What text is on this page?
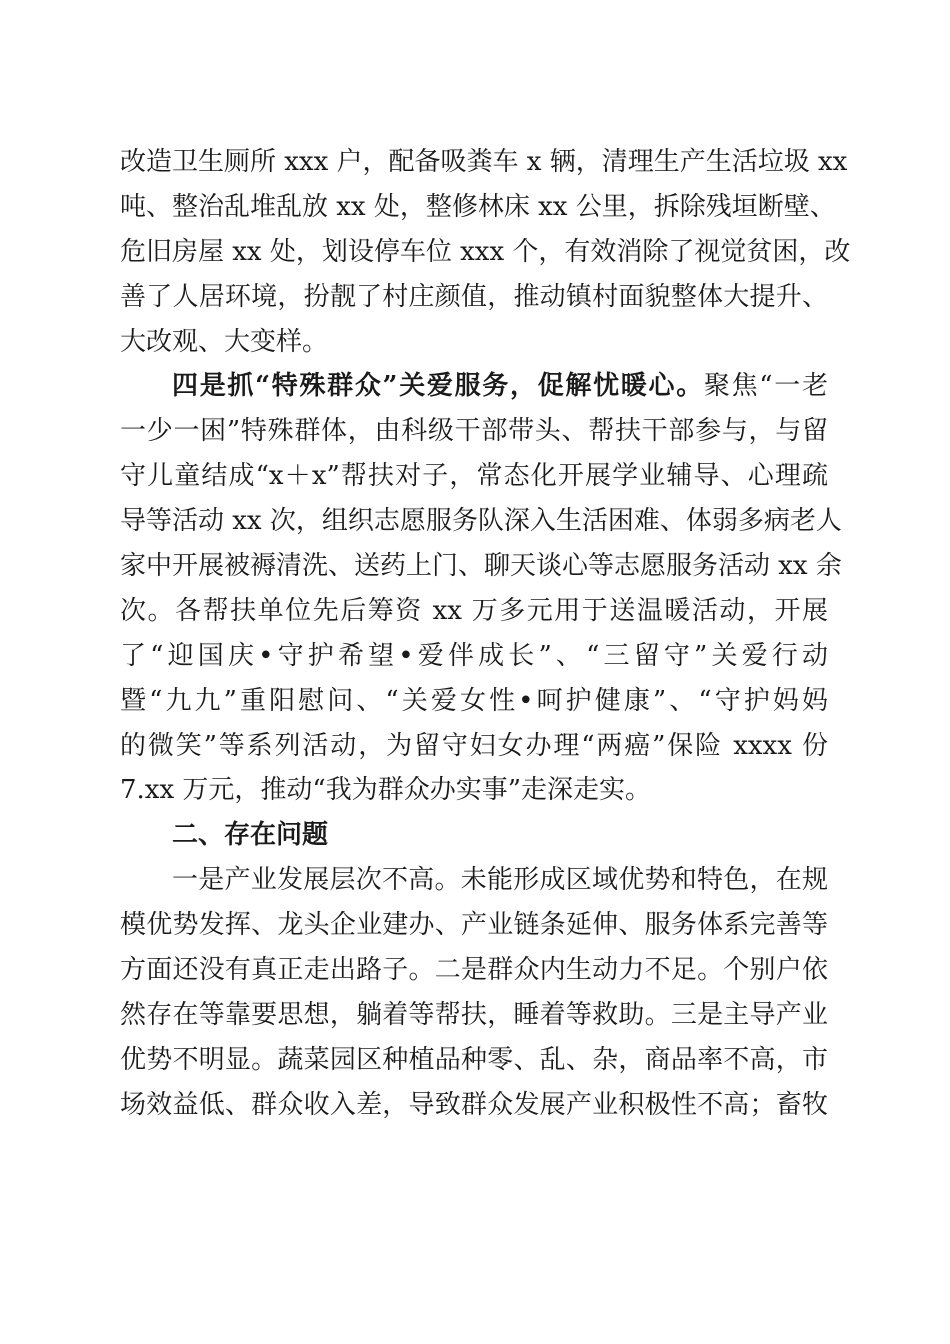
改造卫生厕所 xxx 户，配备吸粪车 x 辆，清理生产生活垃圾 xx
吨、整治乱堆乱放 xx 处，整修林床 xx 公里，拆除残垣断壁、
危旧房屋 xx 处，划设停车位 xxx 个，有效消除了视觉贫困，改
善了人居环境，扮靓了村庄颜值，推动镇村面貌整体大提升、
大改观、大变样。
四是抓“特殊群众”关爱服务，促解忧暖心。聚焦“一老
一少一困”特殊群体，由科级干部带头、帮扶干部参与，与留
守儿童结成“x＋x”帮扶对子，常态化开展学业辅导、心理疏
导等活动 xx 次，组织志愿服务队深入生活困难、体弱多病老人
家中开展被褥清洗、送药上门、聊天谈心等志愿服务活动 xx 余
次。各帮扶单位先后筹资 xx 万多元用于送温暖活动，开展
了“迎国庆•守护希望•爱伴成长”、“三留守”关爱行动
暨“九九”重阳慰问、“关爱女性•呵护健康”、“守护妈妈
的微笑”等系列活动，为留守妇女办理“两癌”保险 xxxx 份
7.xx 万元，推动“我为群众办实事”走深走实。
二、存在问题
一是产业发展层次不高。未能形成区域优势和特色，在规
模优势发挥、龙头企业建办、产业链条延伸、服务体系完善等
方面还没有真正走出路子。二是群众内生动力不足。个别户依
然存在等靠要思想，躺着等帮扶，睡着等救助。三是主导产业
优势不明显。蔬菜园区种植品种零、乱、杂，商品率不高，市
场效益低、群众收入差，导致群众发展产业积极性不高；畜牧
